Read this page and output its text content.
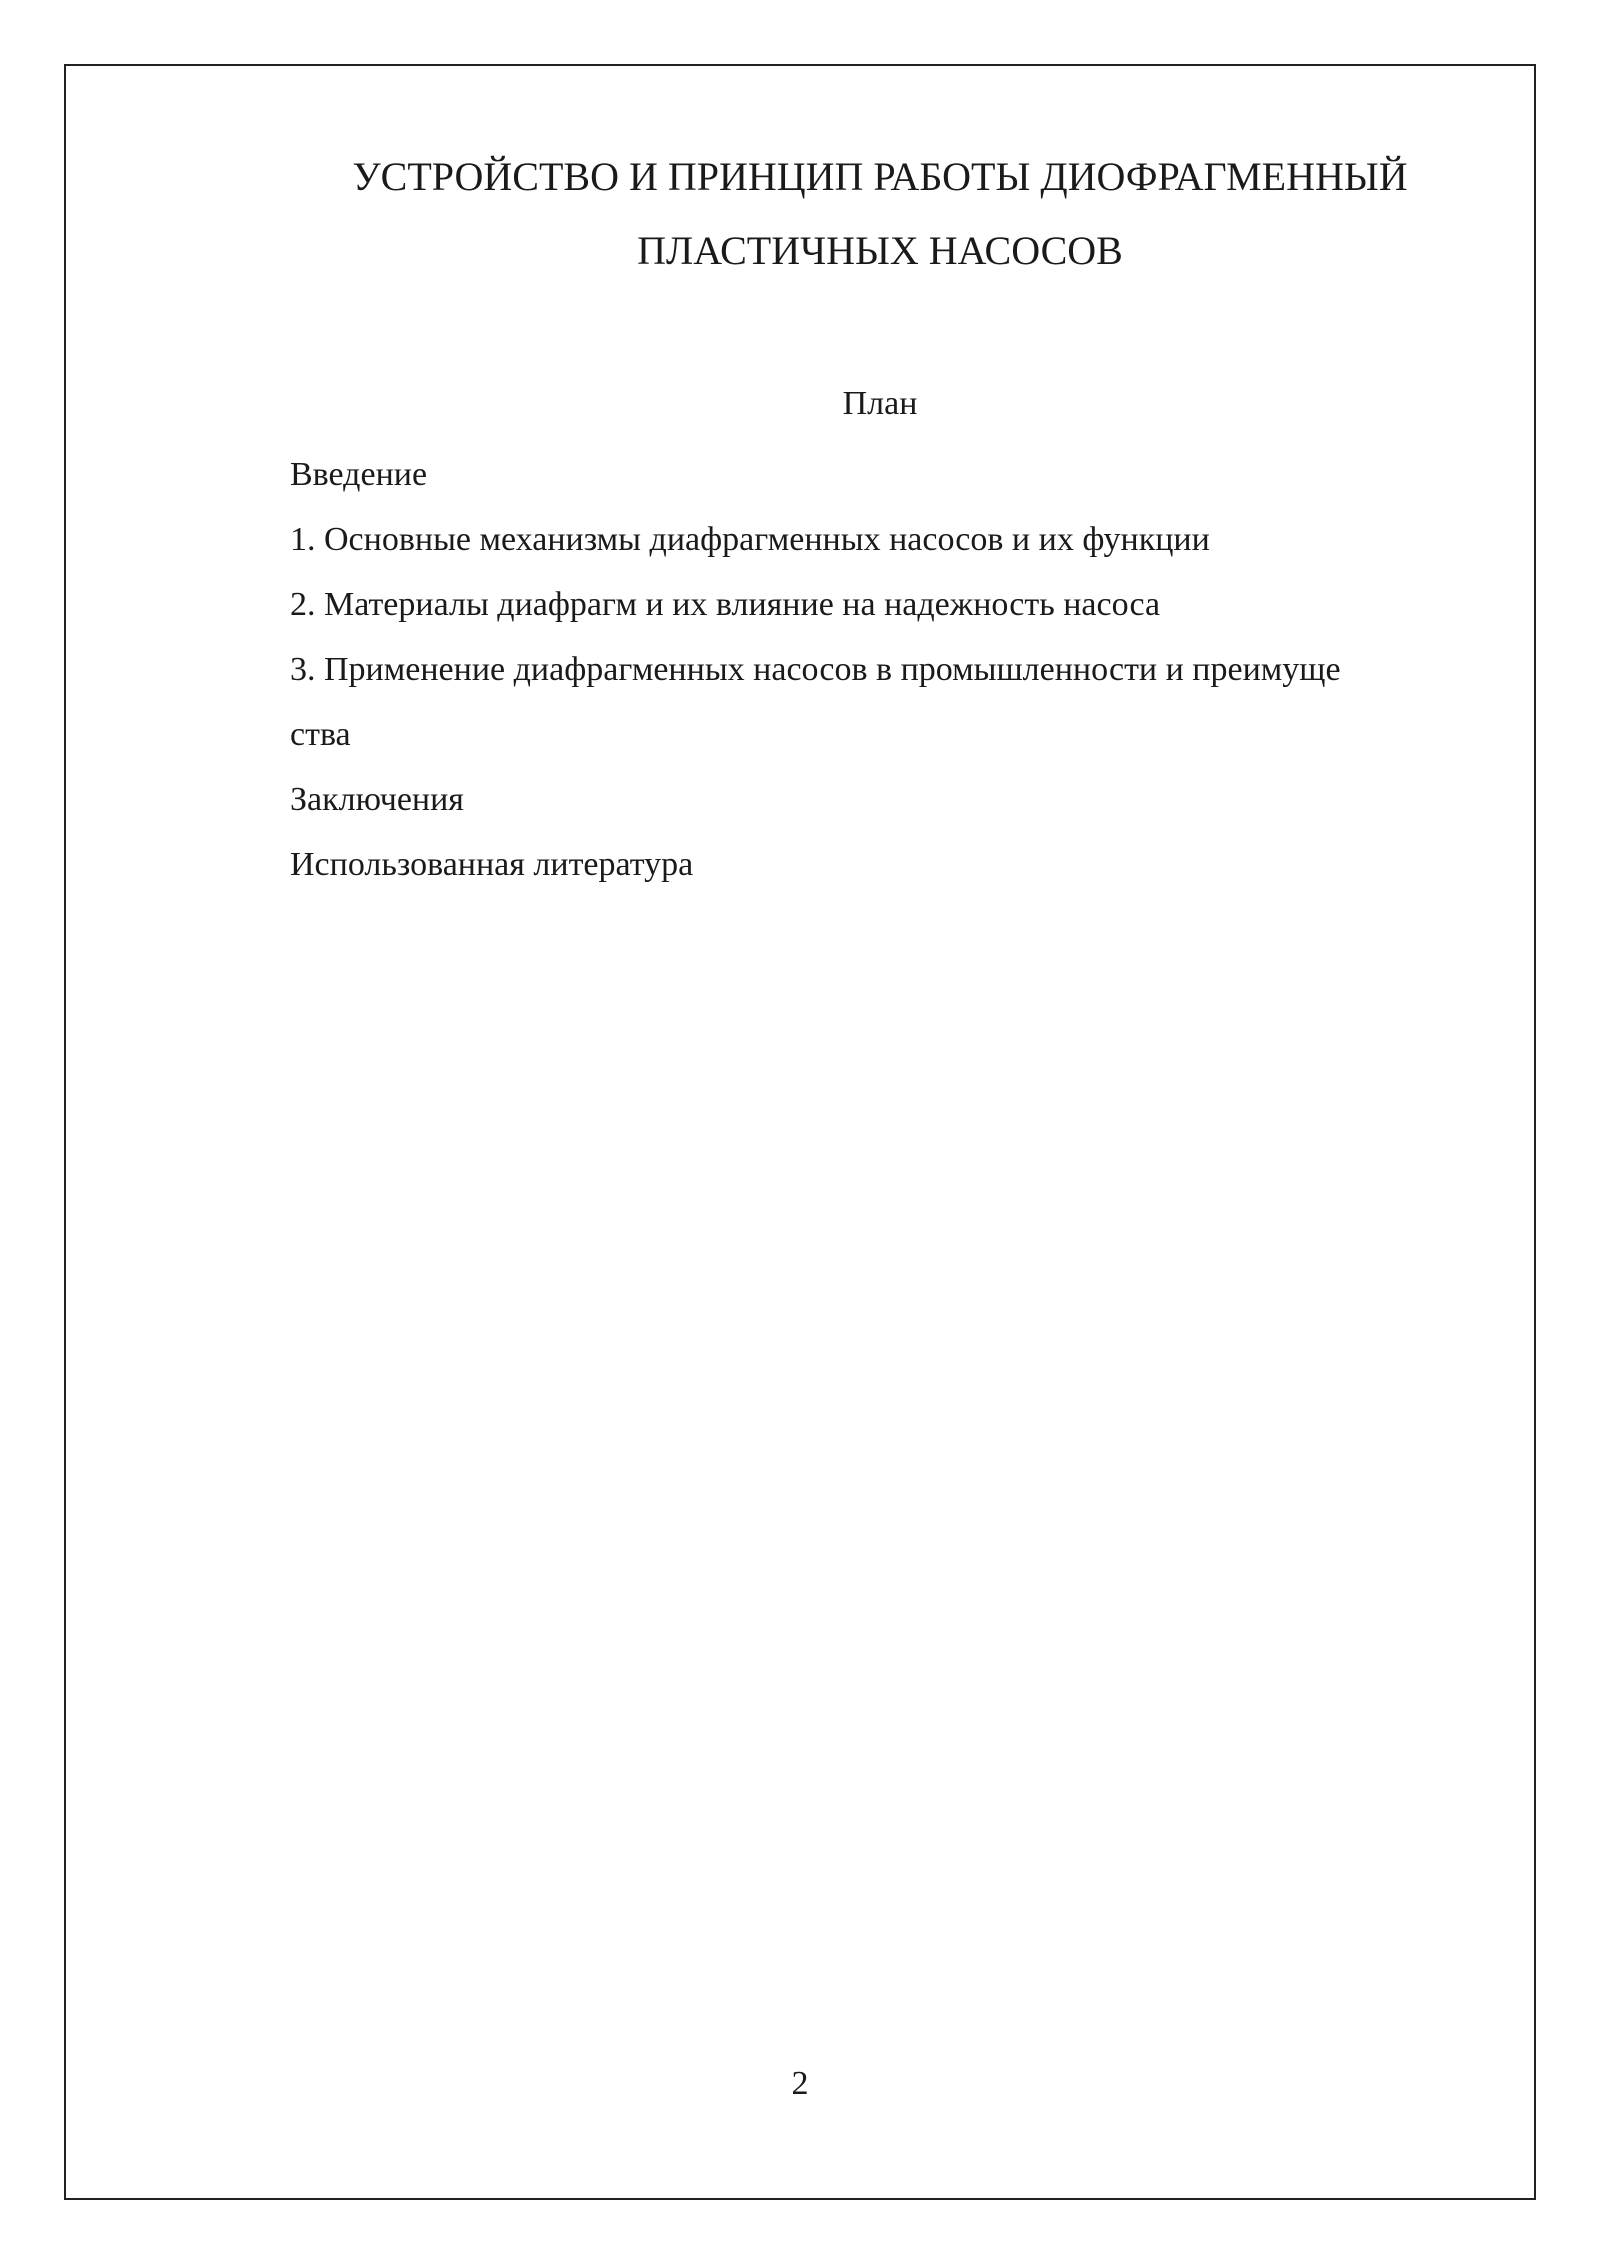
УСТРОЙСТВО И ПРИНЦИП РАБОТЫ ДИОФРАГМЕННЫЙ
ПЛАСТИЧНЫХ НАСОСОВ
План
Введение
1. Основные механизмы диафрагменных насосов и их функции
2. Материалы диафрагм и их влияние на надежность насоса
3. Применение диафрагменных насосов в промышленности и преимуще
ства
Заключения
Использованная литература
2
